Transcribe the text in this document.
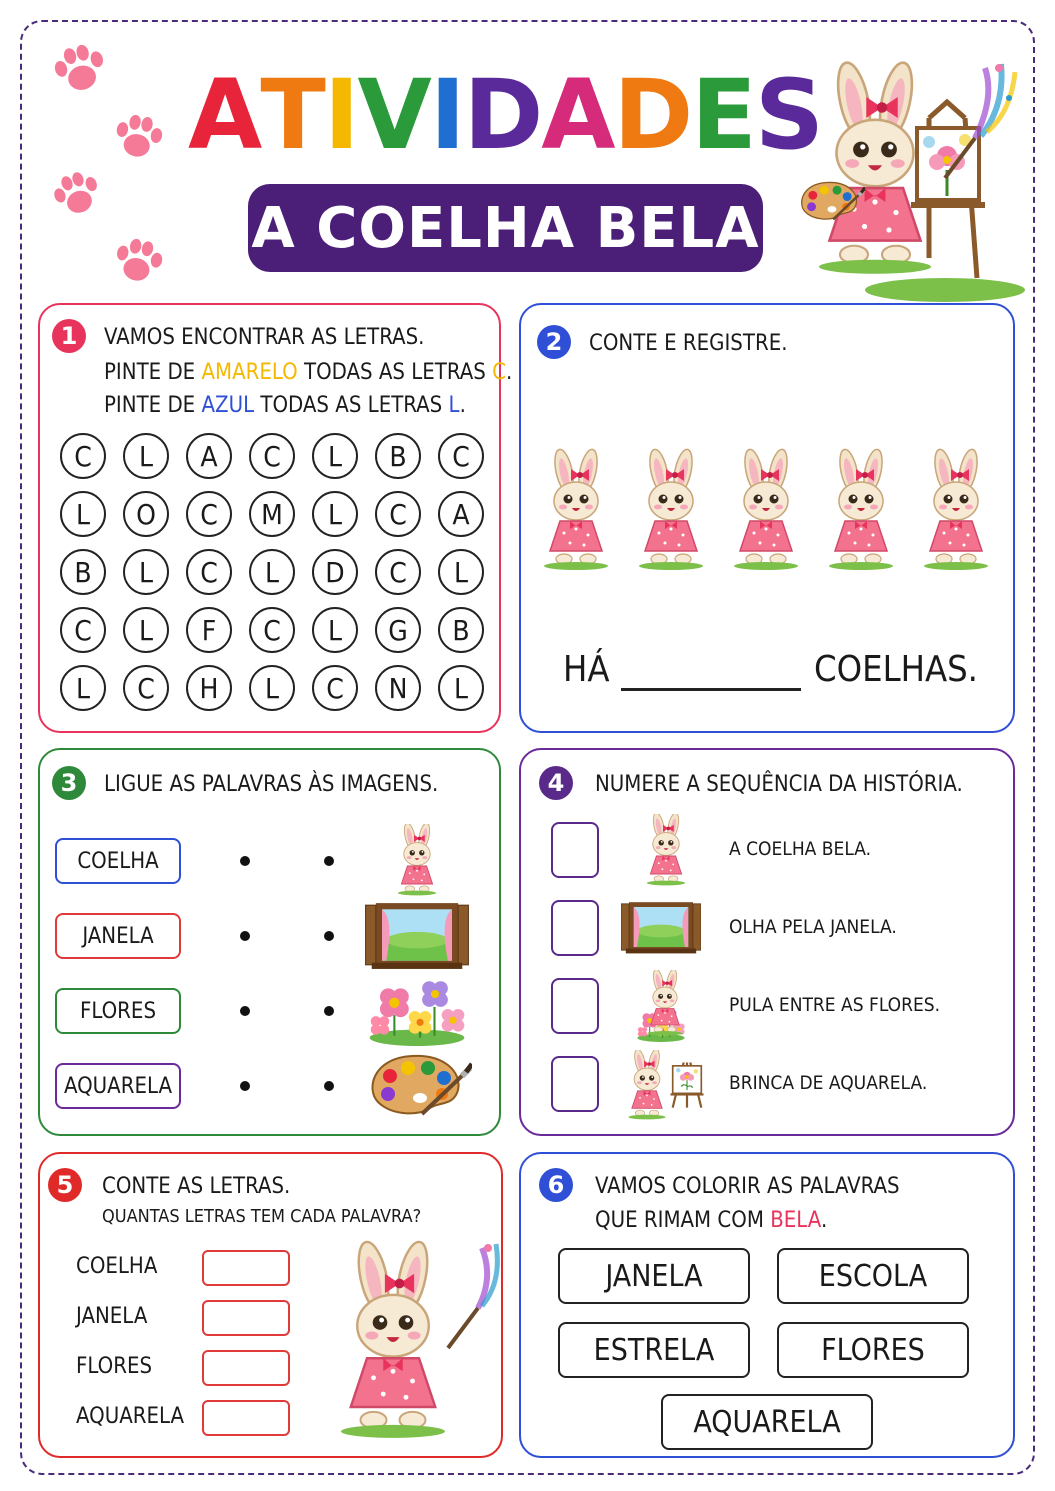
A T I V I D A D E S
A COELHA BELA
1	VAMOS ENCONTRAR AS LETRAS.
PINTE DE AMARELO TODAS AS LETRAS C.
PINTE DE AZUL TODAS AS LETRAS L.
C	L	A	C	L	B	C
L	O	C	M	L	C	A
B	L	C	L	D	C	L
C	L	F	C	L	G	B
L	C	H	L	C	N	L
2	CONTE E REGISTRE.
HÁ	COELHAS.
3	LIGUE AS PALAVRAS ÀS IMAGENS.
COELHA
JANELA
FLORES
AQUARELA
4	NUMERE A SEQUÊNCIA DA HISTÓRIA.
A COELHA BELA.
OLHA PELA JANELA.
PULA ENTRE AS FLORES.
BRINCA DE AQUARELA.
5	CONTE AS LETRAS.
QUANTAS LETRAS TEM CADA PALAVRA?
COELHA
JANELA
FLORES
AQUARELA
6	VAMOS COLORIR AS PALAVRAS
QUE RIMAM COM BELA.
JANELA	ESCOLA
ESTRELA	FLORES
AQUARELA
